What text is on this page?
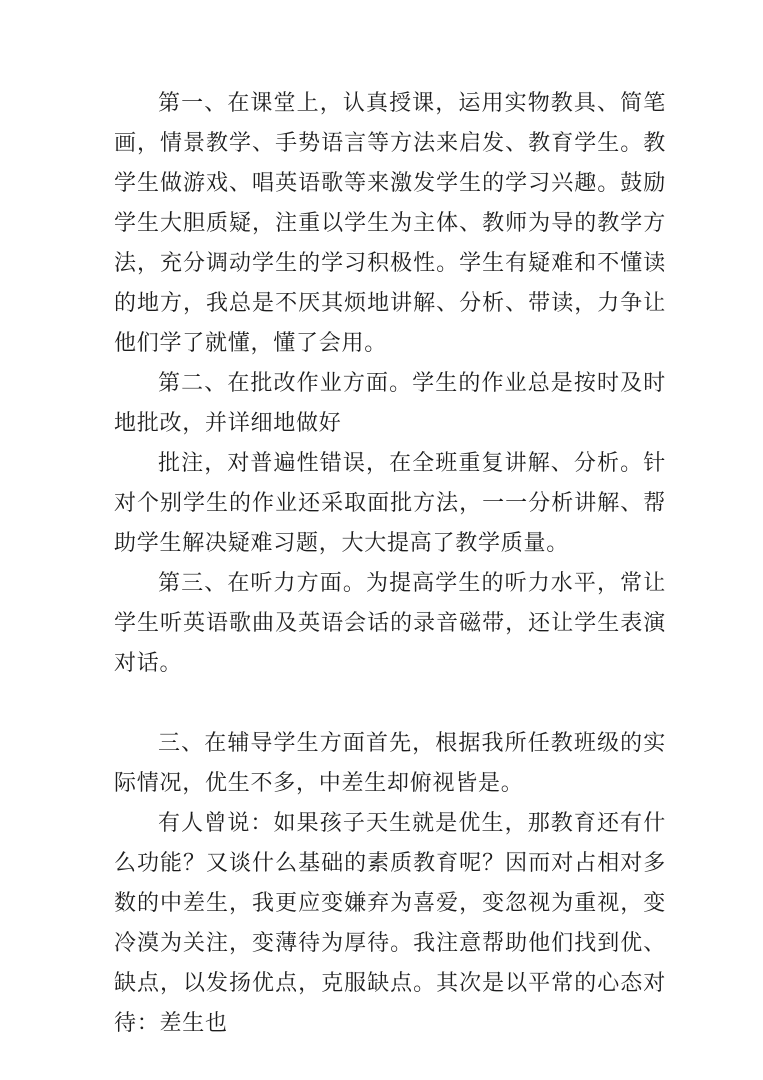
第一、在课堂上，认真授课，运用实物教具、简笔画，情景教学、手势语言等方法来启发、教育学生。教学生做游戏、唱英语歌等来激发学生的学习兴趣。鼓励学生大胆质疑，注重以学生为主体、教师为导的教学方法，充分调动学生的学习积极性。学生有疑难和不懂读的地方，我总是不厌其烦地讲解、分析、带读，力争让他们学了就懂，懂了会用。

第二、在批改作业方面。学生的作业总是按时及时地批改，并详细地做好

批注，对普遍性错误，在全班重复讲解、分析。针对个别学生的作业还采取面批方法，一一分析讲解、帮助学生解决疑难习题，大大提高了教学质量。

第三、在听力方面。为提高学生的听力水平，常让学生听英语歌曲及英语会话的录音磁带，还让学生表演对话。

三、在辅导学生方面首先，根据我所任教班级的实际情况，优生不多，中差生却俯视皆是。

有人曾说：如果孩子天生就是优生，那教育还有什么功能？又谈什么基础的素质教育呢？因而对占相对多数的中差生，我更应变嫌弃为喜爱，变忽视为重视，变冷漠为关注，变薄待为厚待。我注意帮助他们找到优、缺点，以发扬优点，克服缺点。其次是以平常的心态对待：差生也
